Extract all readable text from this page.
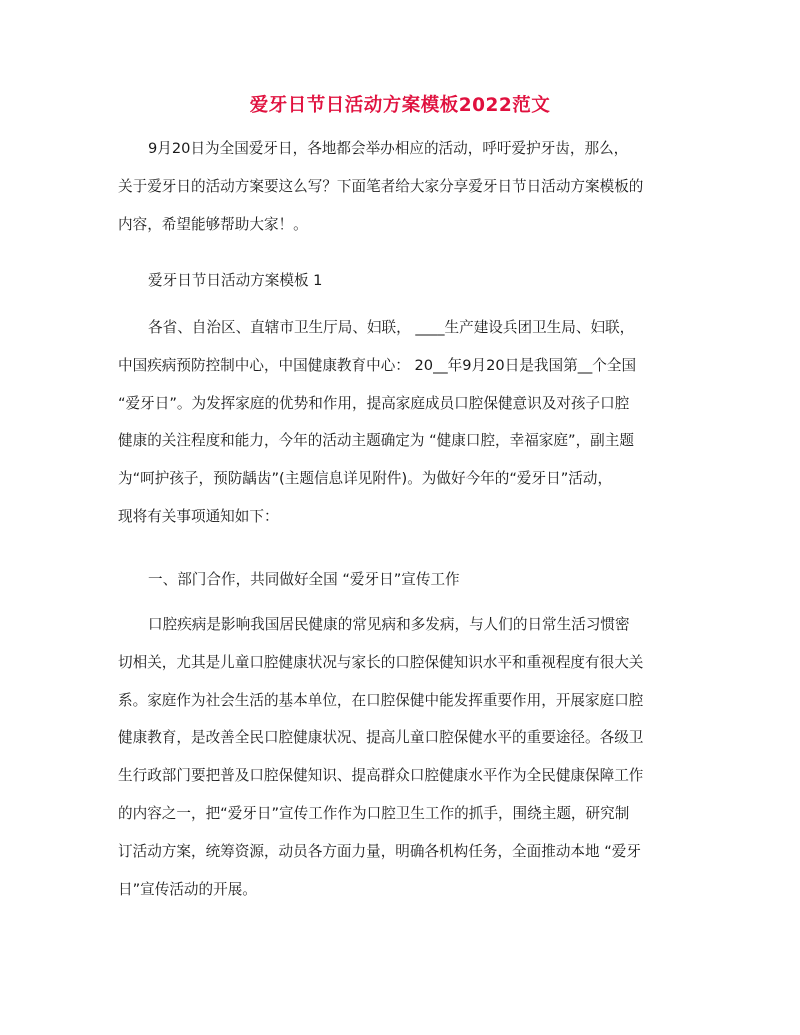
爱牙日节日活动方案模板2022范文
9月20日为全国爱牙日，各地都会举办相应的活动，呼吁爱护牙齿，那么，
关于爱牙日的活动方案要这么写？下面笔者给大家分享爱牙日节日活动方案模板的
内容，希望能够帮助大家！。
爱牙日节日活动方案模板 1
各省、自治区、直辖市卫生厅局、妇联， ____生产建设兵团卫生局、妇联，
中国疾病预防控制中心，中国健康教育中心： 20__年9月20日是我国第__个全国
“爱牙日”。为发挥家庭的优势和作用，提高家庭成员口腔保健意识及对孩子口腔
健康的关注程度和能力，今年的活动主题确定为 “健康口腔，幸福家庭”，副主题
为“呵护孩子，预防龋齿”(主题信息详见附件)。为做好今年的“爱牙日”活动，
现将有关事项通知如下：
一、部门合作，共同做好全国 “爱牙日”宣传工作
口腔疾病是影响我国居民健康的常见病和多发病，与人们的日常生活习惯密
切相关，尤其是儿童口腔健康状况与家长的口腔保健知识水平和重视程度有很大关
系。家庭作为社会生活的基本单位，在口腔保健中能发挥重要作用，开展家庭口腔
健康教育，是改善全民口腔健康状况、提高儿童口腔保健水平的重要途径。各级卫
生行政部门要把普及口腔保健知识、提高群众口腔健康水平作为全民健康保障工作
的内容之一，把“爱牙日”宣传工作作为口腔卫生工作的抓手，围绕主题，研究制
订活动方案，统筹资源，动员各方面力量，明确各机构任务，全面推动本地 “爱牙
日”宣传活动的开展。
